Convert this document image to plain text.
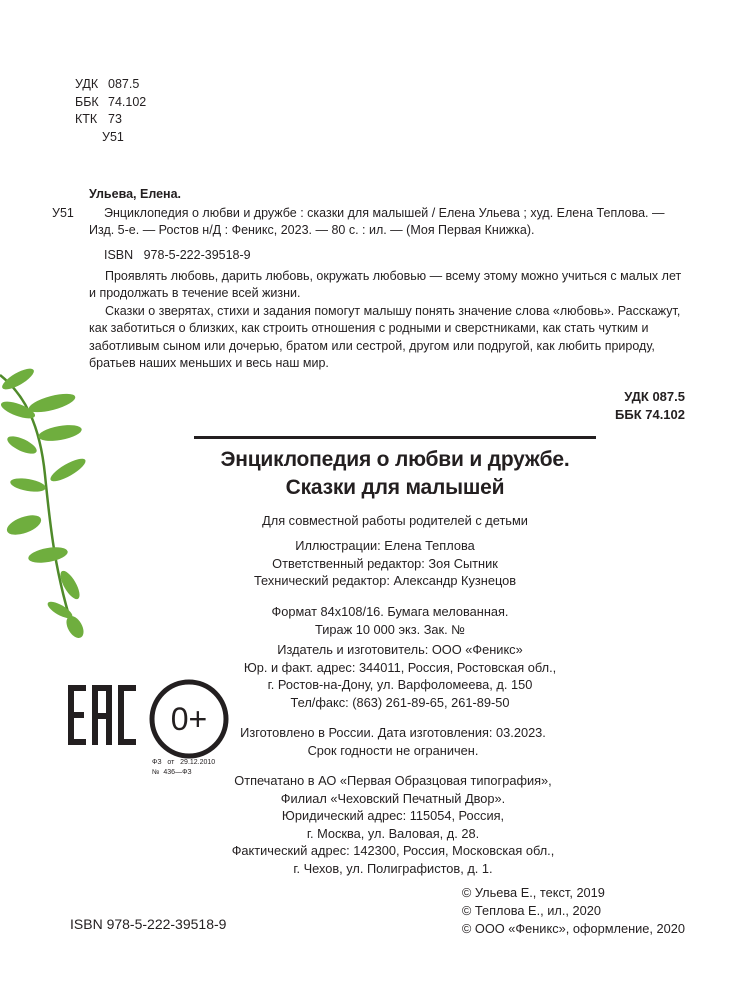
УДК 087.5
ББК 74.102
КТК 73
У51
Ульева, Елена.
У51 Энциклопедия о любви и дружбе : сказки для малышей / Елена Ульева ; худ. Елена Теплова. —
Изд. 5-е. — Ростов н/Д : Феникс, 2023. — 80 с. : ил. — (Моя Первая Книжка).
ISBN   978-5-222-39518-9

Проявлять любовь, дарить любовь, окружать любовью — всему этому можно учиться с малых лет и продолжать в течение всей жизни.

Сказки о зверятах, стихи и задания помогут малышу понять значение слова «любовь». Расскажут, как заботиться о близких, как строить отношения с родными и сверстниками, как стать чутким и заботливым сыном или дочерью, братом или сестрой, другом или подругой, как любить природу, братьев наших меньших и весь наш мир.

УДК 087.5
ББК 74.102
Энциклопедия о любви и дружбе.
Сказки для малышей
Для совместной работы родителей с детьми
Иллюстрации: Елена Теплова
Ответственный редактор: Зоя Сытник
Технический редактор: Александр Кузнецов
Формат 84х108/16. Бумага мелованная.
Тираж 10 000 экз. Зак. №
Издатель и изготовитель: ООО «Феникс»
Юр. и факт. адрес: 344011, Россия, Ростовская обл.,
г. Ростов-на-Дону, ул. Варфоломеева, д. 150
Тел/факс: (863) 261-89-65, 261-89-50
Изготовлено в России. Дата изготовления: 03.2023.
Срок годности не ограничен.
Отпечатано в АО «Первая Образцовая типография»,
Филиал «Чеховский Печатный Двор».
Юридический адрес: 115054, Россия,
г. Москва, ул. Валовая, д. 28.
Фактический адрес: 142300, Россия, Московская обл.,
г. Чехов, ул. Полиграфистов, д. 1.
© Ульева Е., текст, 2019
© Теплова Е., ил., 2020
© ООО «Феникс», оформление, 2020
ISBN 978-5-222-39518-9
0+
ФЗ   от   29.12.2010
№  436—ФЗ
